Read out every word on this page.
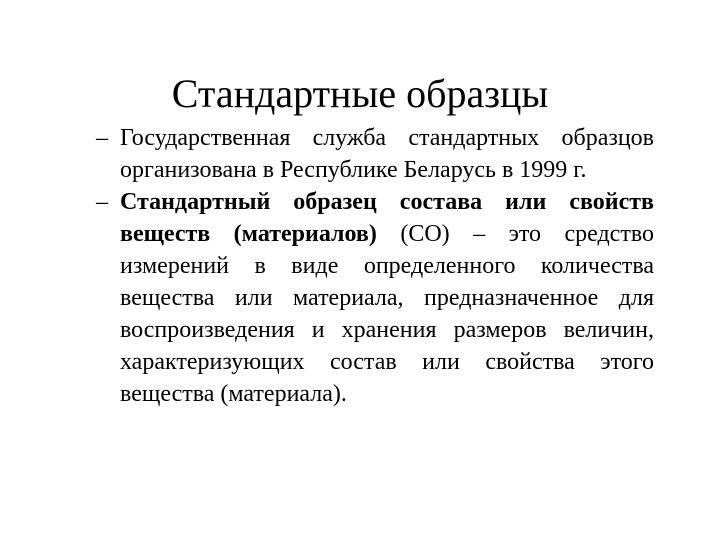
Стандартные образцы
– Государственная служба стандартных образцов организована в Республике Беларусь в 1999 г.
– Стандартный образец состава или свойств веществ (материалов) (СО) – это средство измерений в виде определенного количества вещества или материала, предназначенное для воспроизведения и хранения размеров величин, характеризующих состав или свойства этого вещества (материала).
